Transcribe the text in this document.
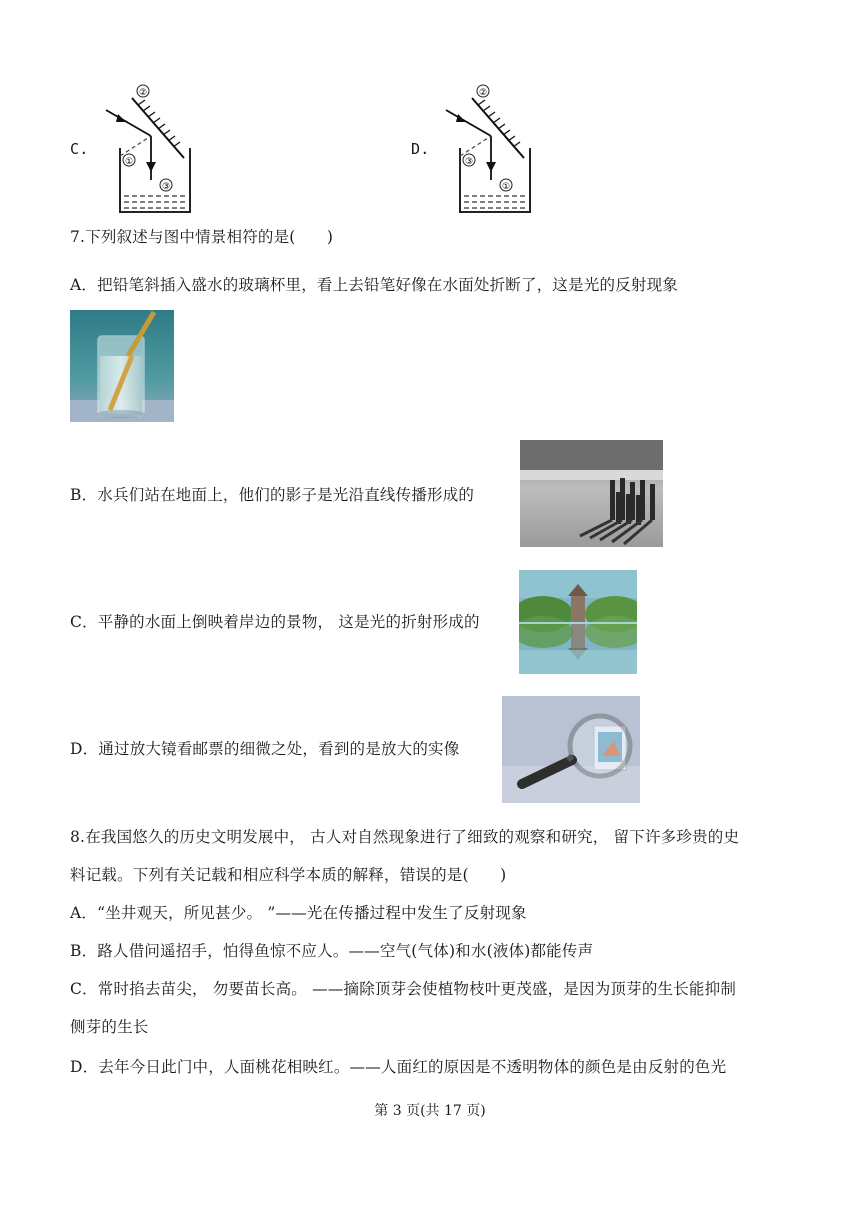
C.
②
①
③
D.
②
③
①
7.下列叙述与图中情景相符的是(　　)
A．把铅笔斜插入盛水的玻璃杯里，看上去铅笔好像在水面处折断了，这是光的反射现象
B．水兵们站在地面上，他们的影子是光沿直线传播形成的
C．平静的水面上倒映着岸边的景物， 这是光的折射形成的
D．通过放大镜看邮票的细微之处，看到的是放大的实像
8.在我国悠久的历史文明发展中， 古人对自然现象进行了细致的观察和研究， 留下许多珍贵的史
料记载。下列有关记载和相应科学本质的解释，错误的是(　　)
A．“坐井观天，所见甚少。 ”——光在传播过程中发生了反射现象
B．路人借问遥招手，怕得鱼惊不应人。——空气(气体)和水(液体)都能传声
C．常时掐去苗尖， 勿要苗长高。 ——摘除顶芽会使植物枝叶更茂盛，是因为顶芽的生长能抑制
侧芽的生长
D．去年今日此门中，人面桃花相映红。——人面红的原因是不透明物体的颜色是由反射的色光
第 3 页(共 17 页)
